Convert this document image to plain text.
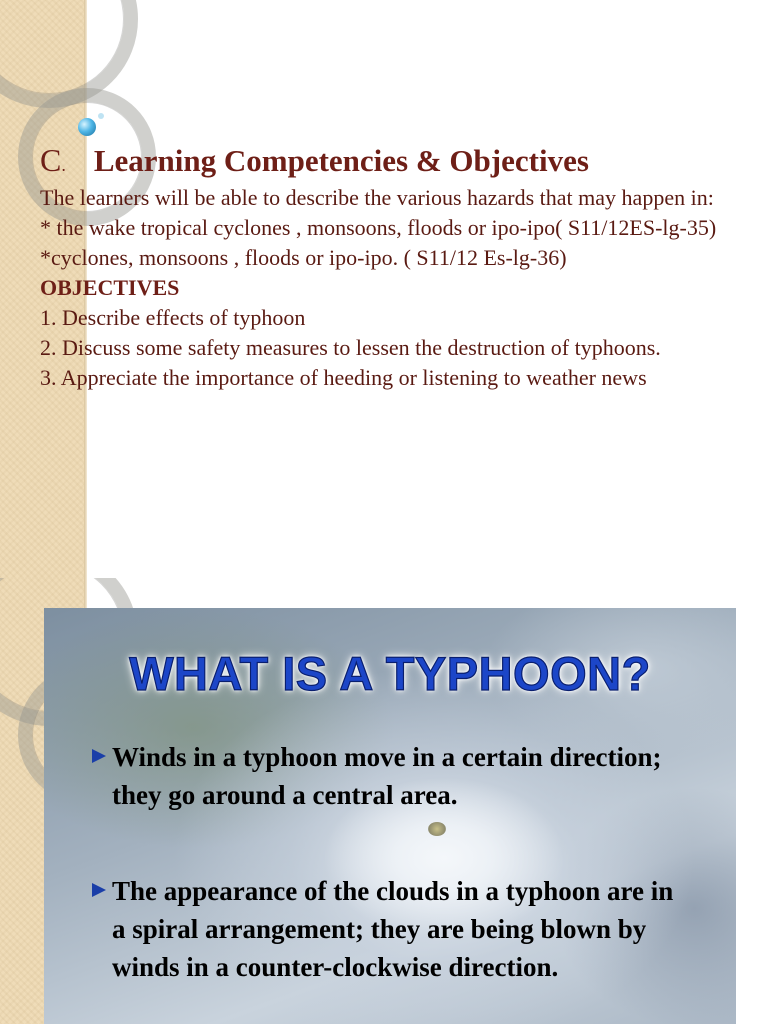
C. Learning Competencies & Objectives

The learners will be able to describe the various hazards that may happen in:

* the wake tropical cyclones , monsoons, floods or ipo-ipo( S11/12ES-lg-35)

*cyclones, monsoons , floods or ipo-ipo. ( S11/12 Es-lg-36)

OBJECTIVES

1. Describe effects of typhoon

2. Discuss some safety measures to lessen the destruction of typhoons.

3. Appreciate the importance of heeding or listening to weather news

WHAT IS A TYPHOON?
Winds in a typhoon move in a certain direction; they go around a central area.
The appearance of the clouds in a typhoon are in a spiral arrangement; they are being blown by winds in a counter-clockwise direction.
